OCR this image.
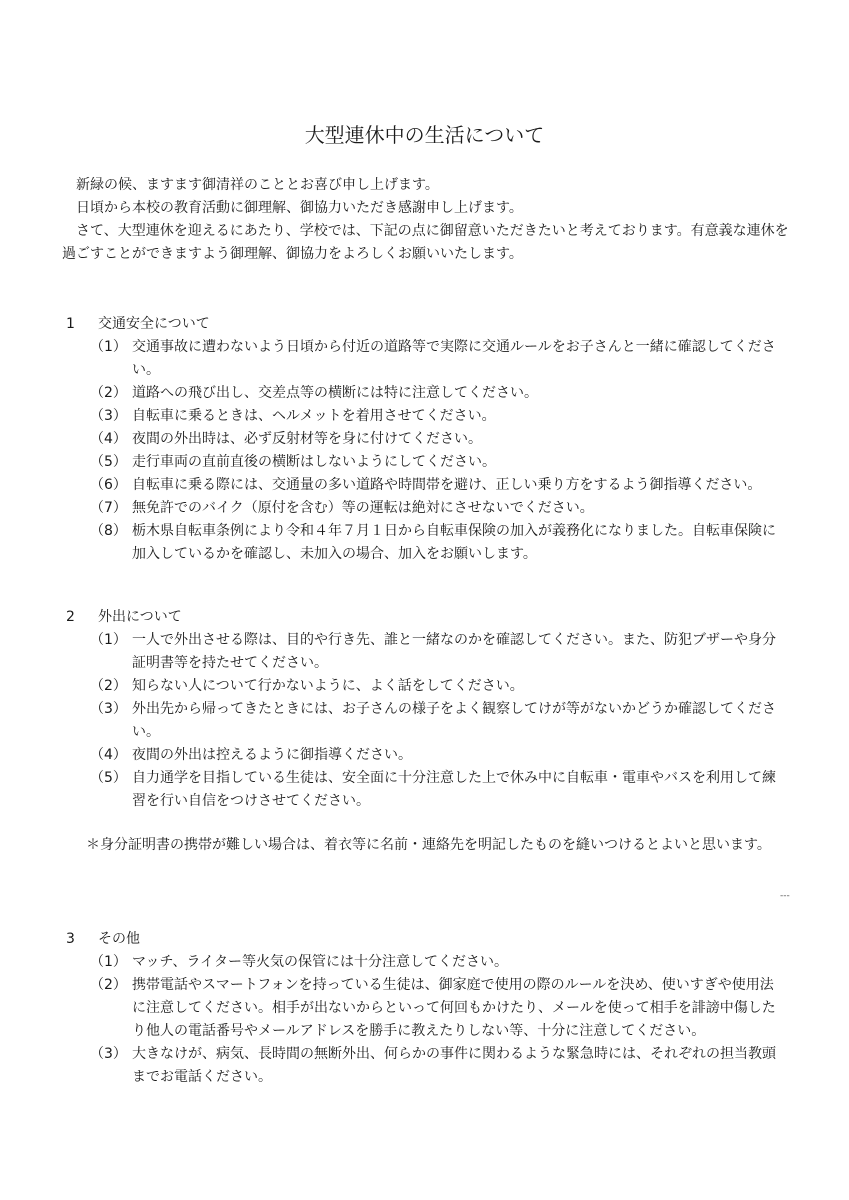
大型連休中の生活について

新緑の候、ますます御清祥のこととお喜び申し上げます。

日頃から本校の教育活動に御理解、御協力いただき感謝申し上げます。

さて、大型連休を迎えるにあたり、学校では、下記の点に御留意いただきたいと考えております。有意義な連休を過ごすことができますよう御理解、御協力をよろしくお願いいたします。

1	交通安全について
（1） 交通事故に遭わないよう日頃から付近の道路等で実際に交通ルールをお子さんと一緒に確認してください。
（2） 道路への飛び出し、交差点等の横断には特に注意してください。
（3） 自転車に乗るときは、ヘルメットを着用させてください。
（4） 夜間の外出時は、必ず反射材等を身に付けてください。
（5） 走行車両の直前直後の横断はしないようにしてください。
（6） 自転車に乗る際には、交通量の多い道路や時間帯を避け、正しい乗り方をするよう御指導ください。
（7） 無免許でのバイク（原付を含む）等の運転は絶対にさせないでください。
（8） 栃木県自転車条例により令和４年７月１日から自転車保険の加入が義務化になりました。自転車保険に加入しているかを確認し、未加入の場合、加入をお願いします。
2	外出について
（1） 一人で外出させる際は、目的や行き先、誰と一緒なのかを確認してください。また、防犯ブザーや身分証明書等を持たせてください。
（2） 知らない人について行かないように、よく話をしてください。
（3） 外出先から帰ってきたときには、お子さんの様子をよく観察してけが等がないかどうか確認してください。
（4） 夜間の外出は控えるように御指導ください。
（5） 自力通学を目指している生徒は、安全面に十分注意した上で休み中に自転車・電車やバスを利用して練習を行い自信をつけさせてください。
＊ 身分証明書の携帯が難しい場合は、着衣等に名前・連絡先を明記したものを縫いつけるとよいと思います。
---
3	その他
（1） マッチ、ライター等火気の保管には十分注意してください。
（2） 携帯電話やスマートフォンを持っている生徒は、御家庭で使用の際のルールを決め、使いすぎや使用法に注意してください。相手が出ないからといって何回もかけたり、メールを使って相手を誹謗中傷したり他人の電話番号やメールアドレスを勝手に教えたりしない等、十分に注意してください。
（3） 大きなけが、病気、長時間の無断外出、何らかの事件に関わるような緊急時には、それぞれの担当教頭までお電話ください。
